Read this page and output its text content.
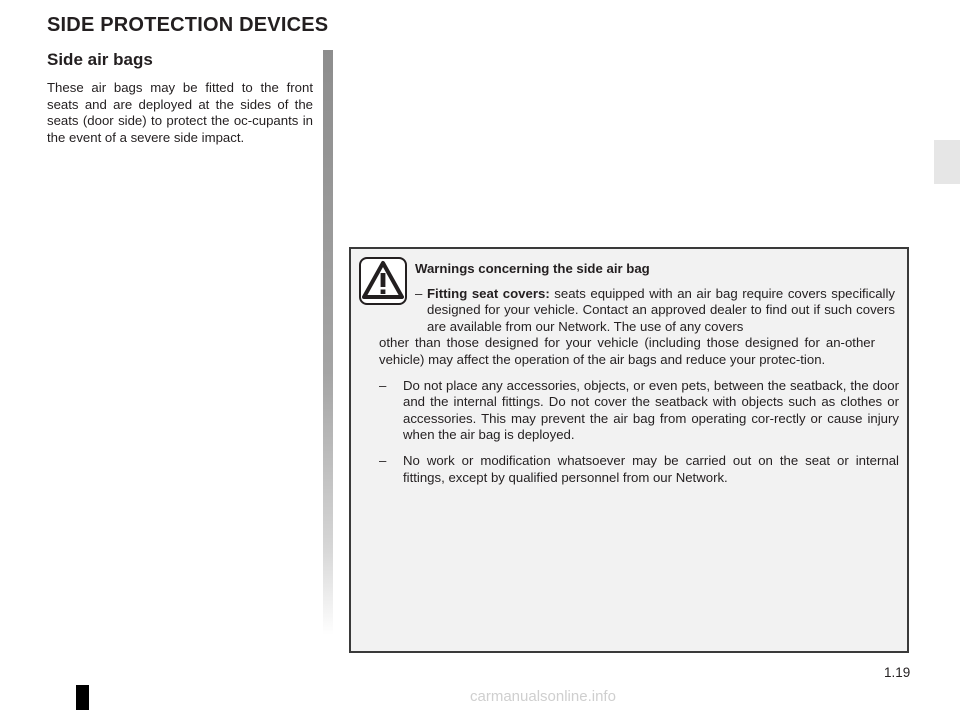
SIDE PROTECTION DEVICES
Side air bags

These air bags may be fitted to the front seats and are deployed at the sides of the seats (door side) to protect the oc-cupants in the event of a severe side impact.

Warnings concerning the side air bag

– Fitting seat covers: seats equipped with an air bag require covers specifically designed for your vehicle. Contact an approved dealer to find out if such covers are available from our Network. The use of any covers

other than those designed for your vehicle (including those designed for an-other vehicle) may affect the operation of the air bags and reduce your protec-tion.

– Do not place any accessories, objects, or even pets, between the seatback, the door and the internal fittings. Do not cover the seatback with objects such as clothes or accessories. This may prevent the air bag from operating cor-rectly or cause injury when the air bag is deployed.

– No work or modification whatsoever may be carried out on the seat or internal fittings, except by qualified personnel from our Network.

1.19
carmanualsonline.info
